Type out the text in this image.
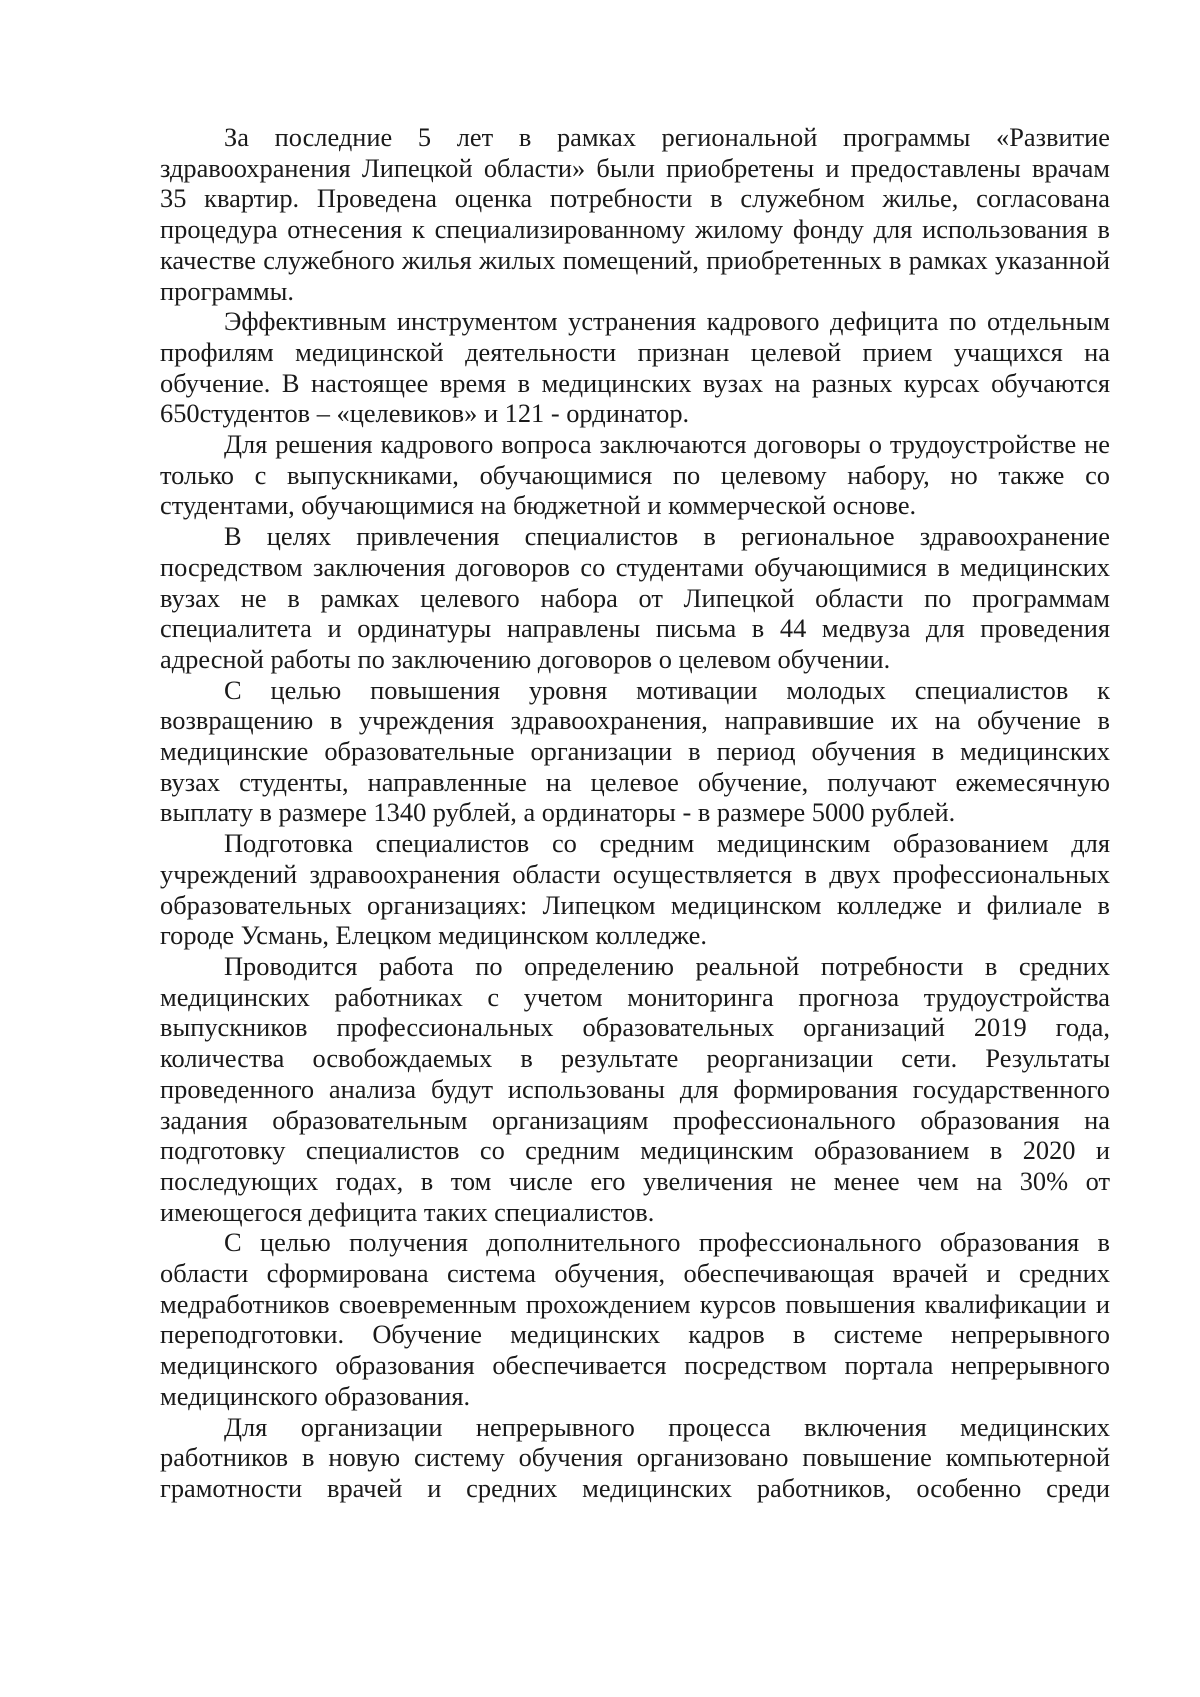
За последние 5 лет в рамках региональной программы «Развитие здравоохранения Липецкой области» были приобретены и предоставлены врачам 35 квартир. Проведена оценка потребности в служебном жилье, согласована процедура отнесения к специализированному жилому фонду для использования в качестве служебного жилья жилых помещений, приобретенных в рамках указанной программы.

Эффективным инструментом устранения кадрового дефицита по отдельным профилям медицинской деятельности признан целевой прием учащихся на обучение. В настоящее время в медицинских вузах на разных курсах обучаются 650студентов – «целевиков» и 121 - ординатор.

Для решения кадрового вопроса заключаются договоры о трудоустройстве не только с выпускниками, обучающимися по целевому набору, но также со студентами, обучающимися на бюджетной и коммерческой основе.

В целях привлечения специалистов в региональное здравоохранение посредством заключения договоров со студентами обучающимися в медицинских вузах не в рамках целевого набора от Липецкой области по программам специалитета и ординатуры направлены письма в 44 медвуза для проведения адресной работы по заключению договоров о целевом обучении.

С целью повышения уровня мотивации молодых специалистов к возвращению в учреждения здравоохранения, направившие их на обучение в медицинские образовательные организации в период обучения в медицинских вузах студенты, направленные на целевое обучение, получают ежемесячную выплату в размере 1340 рублей, а ординаторы - в размере 5000 рублей.

Подготовка специалистов со средним медицинским образованием для учреждений здравоохранения области осуществляется в двух профессиональных образовательных организациях: Липецком медицинском колледже и филиале в городе Усмань, Елецком медицинском колледже.

Проводится работа по определению реальной потребности в средних медицинских работниках с учетом мониторинга прогноза трудоустройства выпускников профессиональных образовательных организаций 2019 года, количества освобождаемых в результате реорганизации сети. Результаты проведенного анализа будут использованы для формирования государственного задания образовательным организациям профессионального образования на подготовку специалистов со средним медицинским образованием в 2020 и последующих годах, в том числе его увеличения не менее чем на 30% от имеющегося дефицита таких специалистов.

С целью получения дополнительного профессионального образования в области сформирована система обучения, обеспечивающая врачей и средних медработников своевременным прохождением курсов повышения квалификации и переподготовки. Обучение медицинских кадров в системе непрерывного медицинского образования обеспечивается посредством портала непрерывного медицинского образования.

Для организации непрерывного процесса включения медицинских работников в новую систему обучения организовано повышение компьютерной грамотности врачей и средних медицинских работников, особенно среди
